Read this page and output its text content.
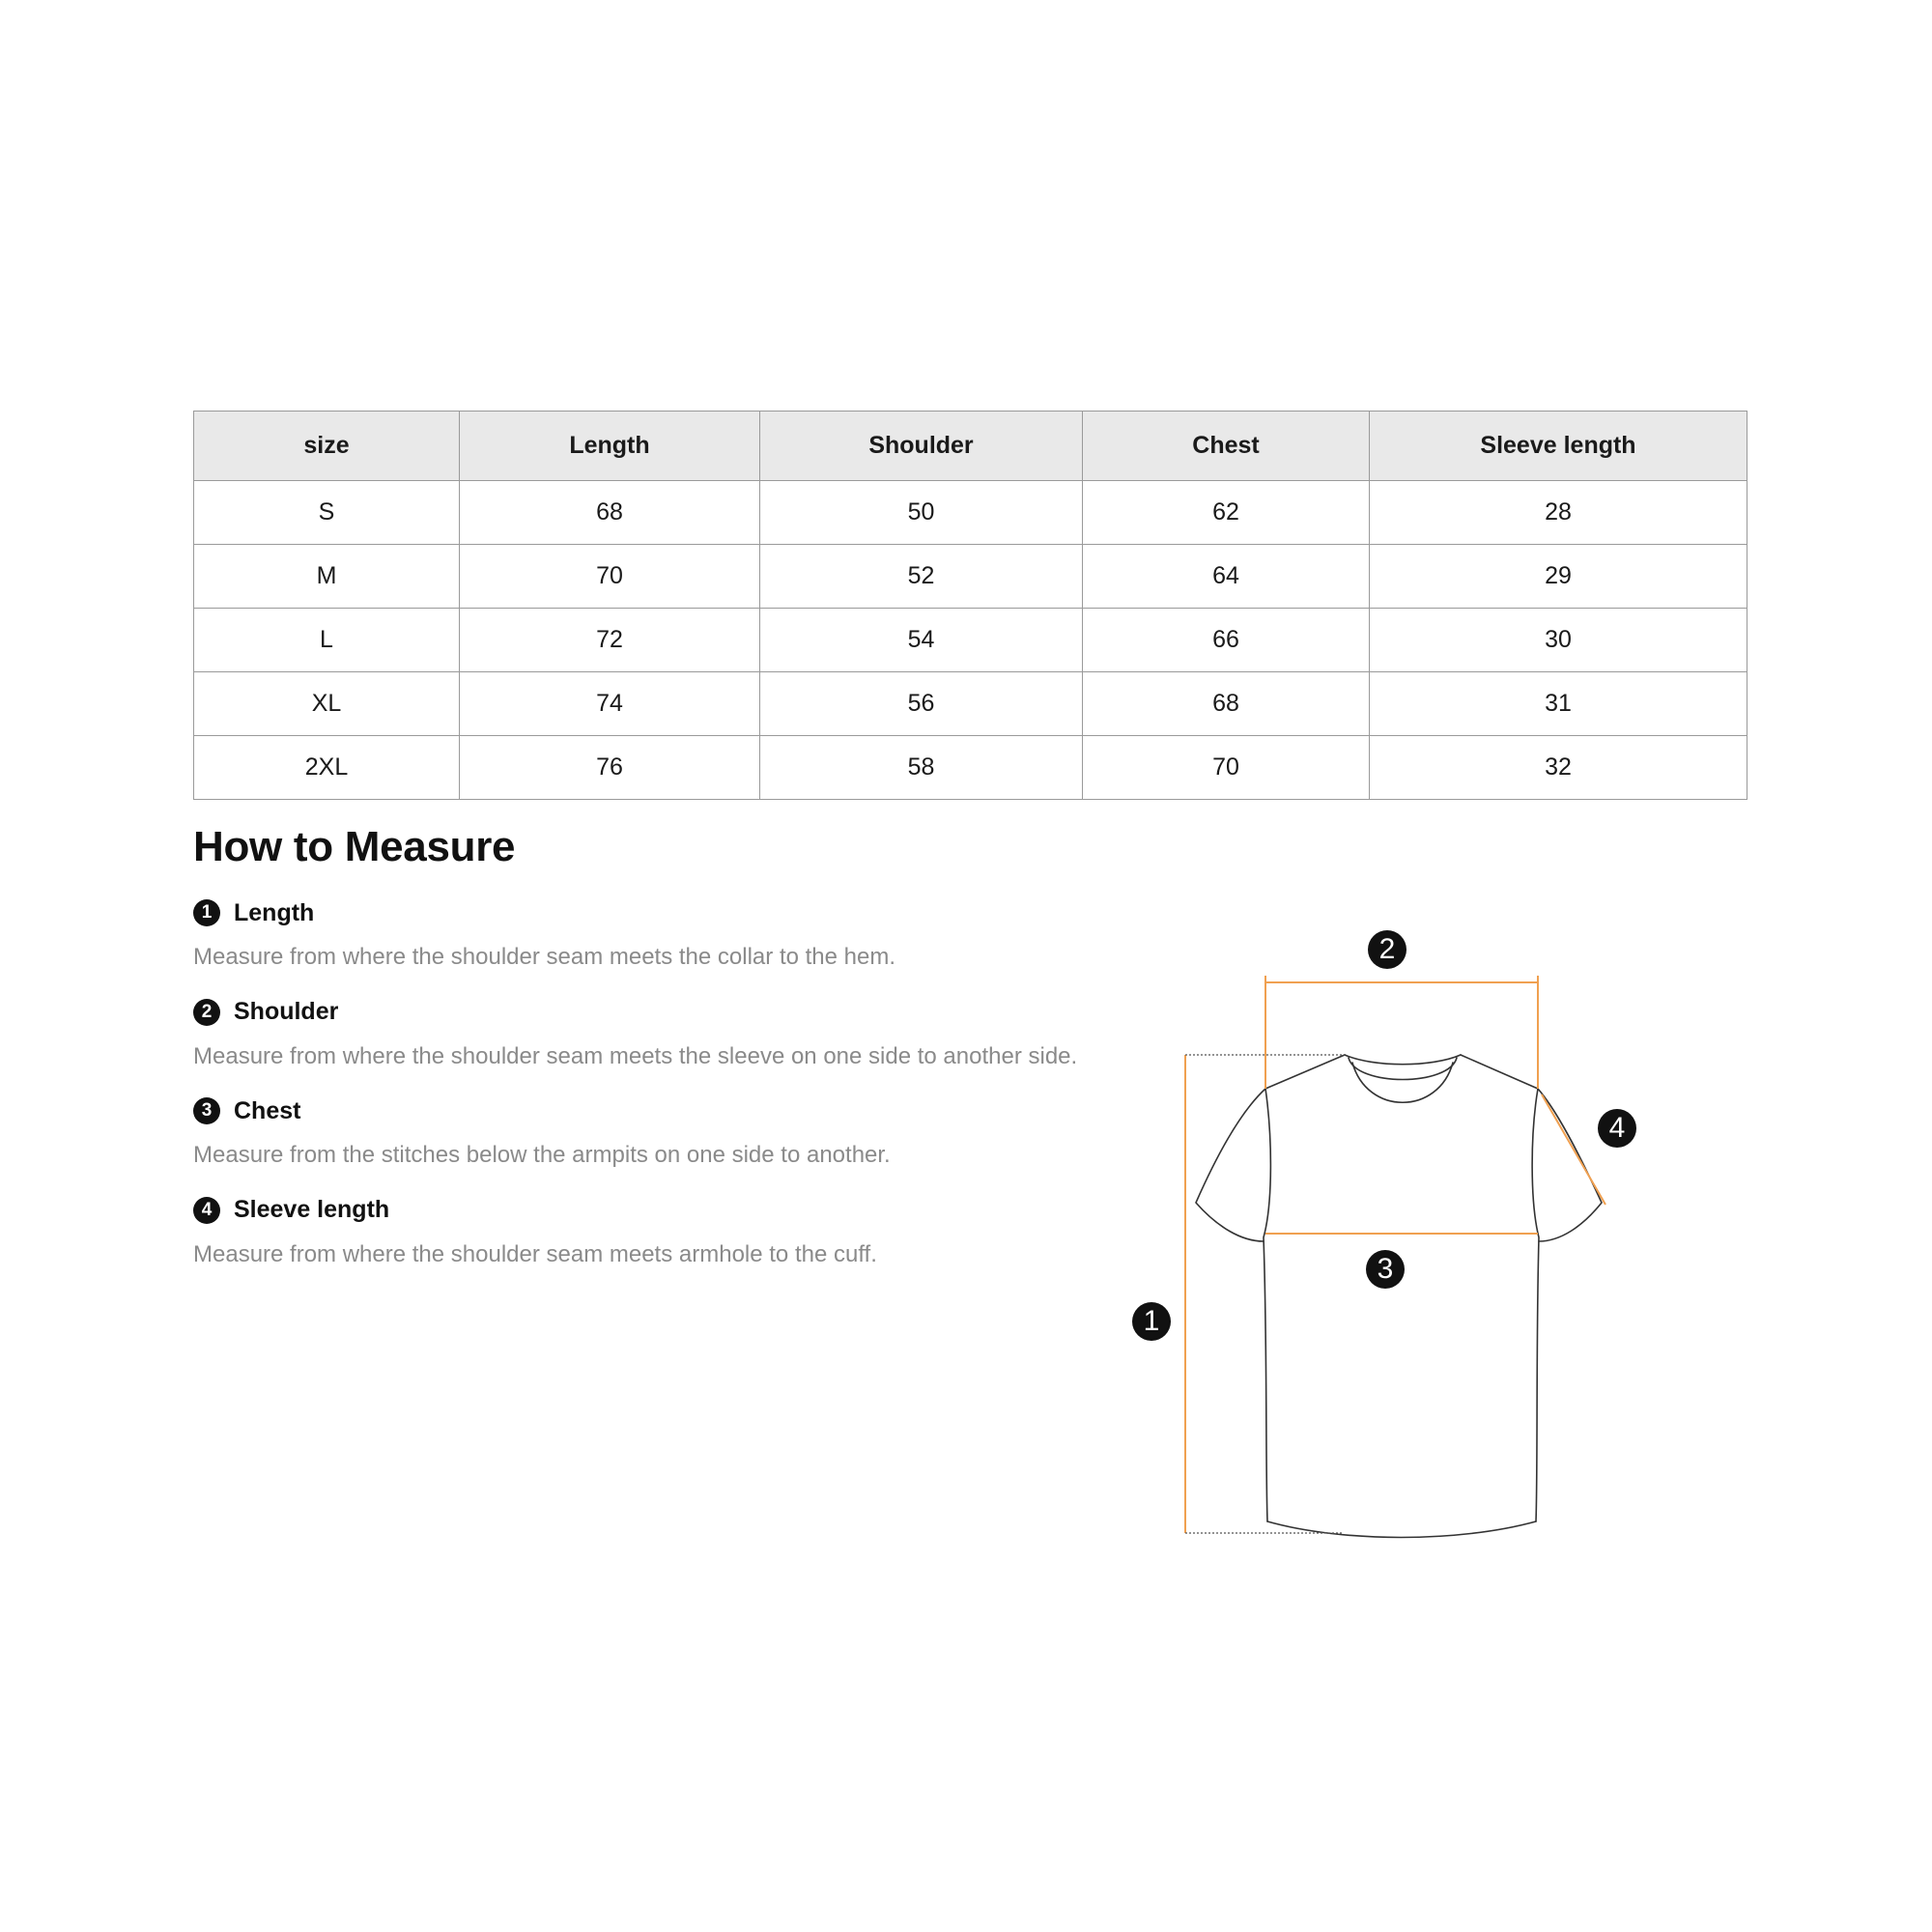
size	Length	Shoulder	Chest	Sleeve length
S	68	50	62	28
M	70	52	64	29
L	72	54	66	30
XL	74	56	68	31
2XL	76	58	70	32
How to Measure
1 Length
Measure from where the shoulder seam meets the collar to the hem.
2 Shoulder
Measure from where the shoulder seam meets the sleeve on one side to another side.
3 Chest
Measure from the stitches below the armpits on one side to another.
4 Sleeve length
Measure from where the shoulder seam meets armhole to the cuff.
2
4
3
1
